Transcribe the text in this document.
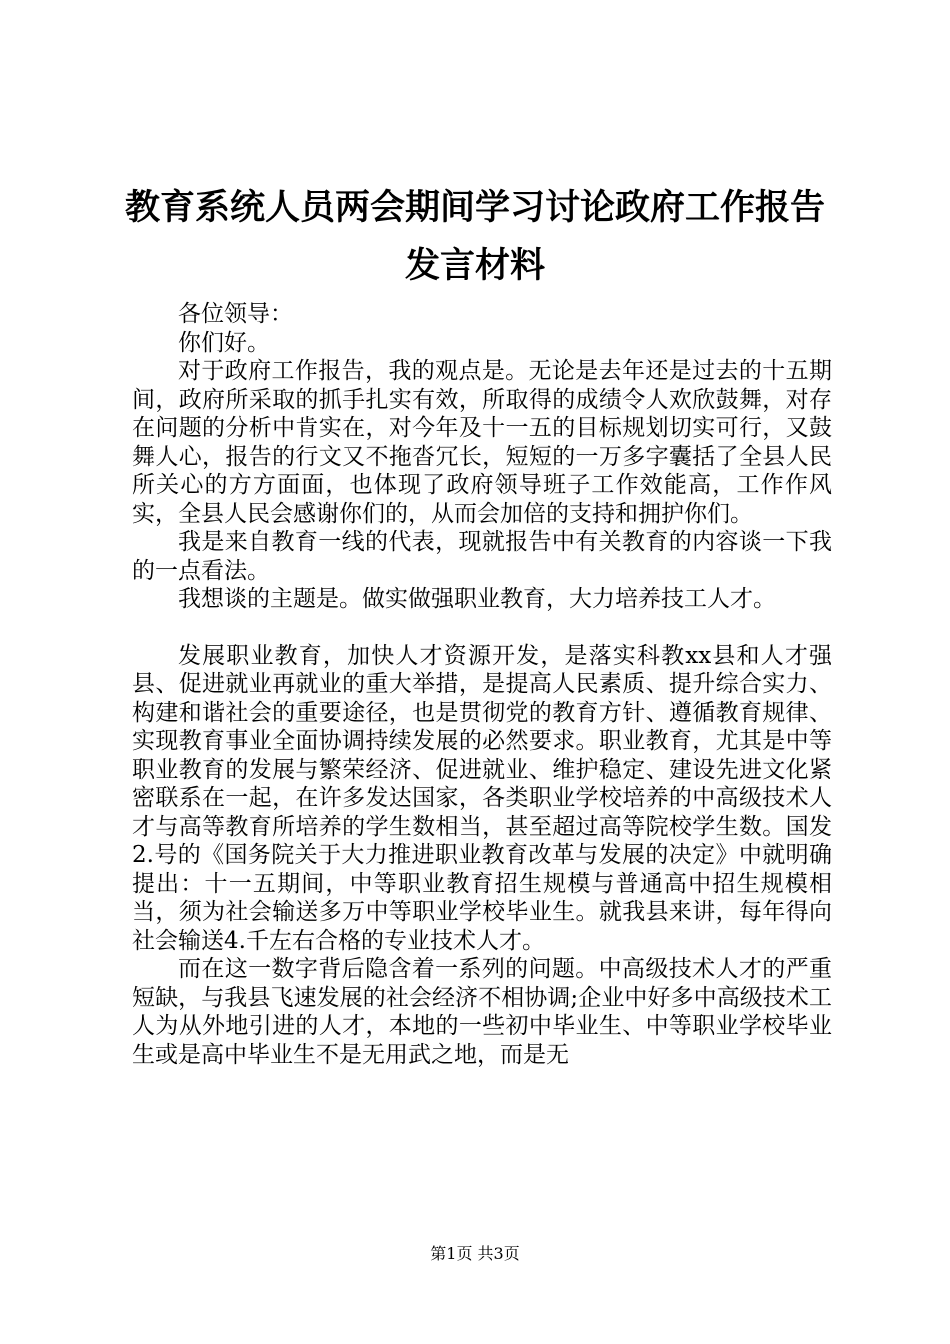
教育系统人员两会期间学习讨论政府工作报告
发言材料

各位领导：

你们好。

对于政府工作报告，我的观点是。无论是去年还是过去的十五期间，政府所采取的抓手扎实有效，所取得的成绩令人欢欣鼓舞，对存在问题的分析中肯实在，对今年及十一五的目标规划切实可行，又鼓舞人心，报告的行文又不拖沓冗长，短短的一万多字囊括了全县人民所关心的方方面面，也体现了政府领导班子工作效能高，工作作风实，全县人民会感谢你们的，从而会加倍的支持和拥护你们。

我是来自教育一线的代表，现就报告中有关教育的内容谈一下我的一点看法。

我想谈的主题是。做实做强职业教育，大力培养技工人才。

发展职业教育，加快人才资源开发，是落实科教xx县和人才强县、促进就业再就业的重大举措，是提高人民素质、提升综合实力、构建和谐社会的重要途径，也是贯彻党的教育方针、遵循教育规律、实现教育事业全面协调持续发展的必然要求。职业教育，尤其是中等职业教育的发展与繁荣经济、促进就业、维护稳定、建设先进文化紧密联系在一起，在许多发达国家，各类职业学校培养的中高级技术人才与高等教育所培养的学生数相当，甚至超过高等院校学生数。国发2.号的《国务院关于大力推进职业教育改革与发展的决定》中就明确提出：十一五期间，中等职业教育招生规模与普通高中招生规模相当，须为社会输送多万中等职业学校毕业生。就我县来讲，每年得向社会输送4.千左右合格的专业技术人才。

而在这一数字背后隐含着一系列的问题。中高级技术人才的严重短缺，与我县飞速发展的社会经济不相协调;企业中好多中高级技术工人为从外地引进的人才，本地的一些初中毕业生、中等职业学校毕业生或是高中毕业生不是无用武之地，而是无

第1页 共3页
